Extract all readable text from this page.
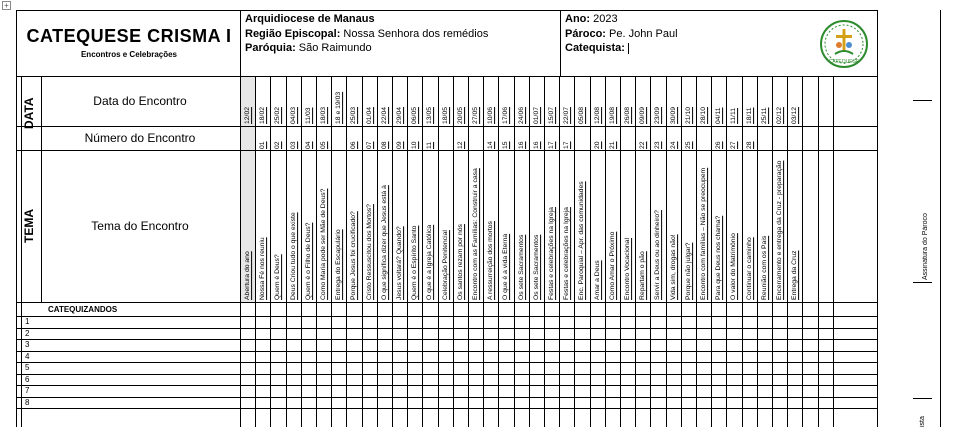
+
CATEQUESE CRISMA I
Encontros e Celebrações
Arquidiocese de Manaus
Região Episcopal: Nossa Senhora dos remédios
Paróquia: São Raimundo
Ano: 2023
Pároco: Pe. John Paul
Catequista:
CATEQUESE
DATA
TEMA
Data do Encontro
Número do Encontro
Tema do Encontro
CATEQUIZANDOS
12/02
Abertura do ano
18/02
01
Nossa Fé nos reuniu
25/02
02
Quem é Deus?
04/03
03
Deus Criou tudo o que existe
11/03
04
Quem é o Filho de Deus?
18/03
05
Como Maria pode ser Mãe de Deus?
18 e 19/03
Entrega do Escapulário
25/03
06
Porque Jesus foi crucificado?
01/04
07
Cristo Ressuscitou dos Mortos?
22/04
08
O que significa dizer que Jesus está à
29/04
09
Jesus voltará? Quando?
06/05
10
Quem é o Espírito Santo
13/05
11
O que é a Igreja Católica
18/05
Celebração Penitencial
20/05
12
Os santos rezam por nós
27/05
Encontro com as Famílias: Construir a casa
10/06
14
A ressurreição dos mortos
17/06
15
O que é a vida Eterna
24/06
16
Os sete Sacramentos
01/07
16
Os sete Sacramentos
15/07
17
Festas e celebrações na Igreja
22/07
17
Festas e celebrações na Igreja
05/08
Enc. Paroquial – Apr. das comunidades
12/08
20
Amar a Deus
19/08
21
Como Amar o Próximo
26/08
Encontro Vocacional
09/09
22
Repartam o pão
23/09
23
Servir a Deus ou ao dinheiro?
30/09
24
Vida sim, drogas não!
21/10
25
Porque não julgar?
28/10
Encontro com famílias – Não se preocupem
04/11
26
Para que Deus nos chama?
11/11
27
O valor do Matrimônio
18/11
28
Continuar o caminho
25/11
Reunião com os Pais
02/12
Encerramento e entrega da Cruz - preparação
03/12
Entrega da Cruz
1
2
3
4
5
6
7
8
Assinatura do Pároco
ista
